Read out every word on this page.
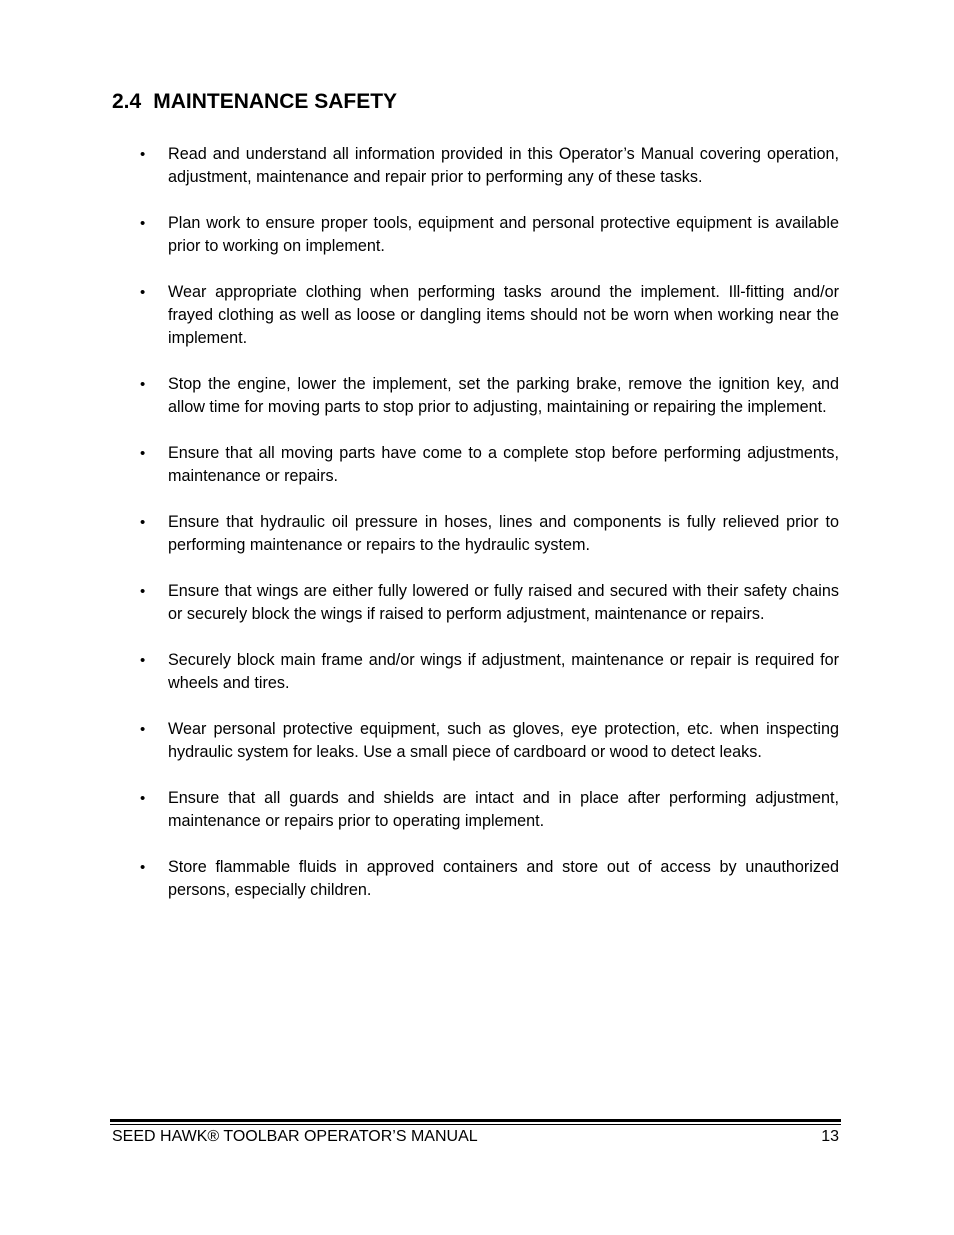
2.4 MAINTENANCE SAFETY
• Read and understand all information provided in this Operator’s Manual covering operation, adjustment, maintenance and repair prior to performing any of these tasks.
• Plan work to ensure proper tools, equipment and personal protective equipment is available prior to working on implement.
• Wear appropriate clothing when performing tasks around the implement. Ill-fitting and/or frayed clothing as well as loose or dangling items should not be worn when working near the implement.
• Stop the engine, lower the implement, set the parking brake, remove the ignition key, and allow time for moving parts to stop prior to adjusting, maintaining or repairing the implement.
• Ensure that all moving parts have come to a complete stop before performing adjustments, maintenance or repairs.
• Ensure that hydraulic oil pressure in hoses, lines and components is fully relieved prior to performing maintenance or repairs to the hydraulic system.
• Ensure that wings are either fully lowered or fully raised and secured with their safety chains or securely block the wings if raised to perform adjustment, maintenance or repairs.
• Securely block main frame and/or wings if adjustment, maintenance or repair is required for wheels and tires.
• Wear personal protective equipment, such as gloves, eye protection, etc. when inspecting hydraulic system for leaks. Use a small piece of cardboard or wood to detect leaks.
• Ensure that all guards and shields are intact and in place after performing adjustment, maintenance or repairs prior to operating implement.
• Store flammable fluids in approved containers and store out of access by unauthorized persons, especially children.
SEED HAWK® TOOLBAR OPERATOR’S MANUAL	13
